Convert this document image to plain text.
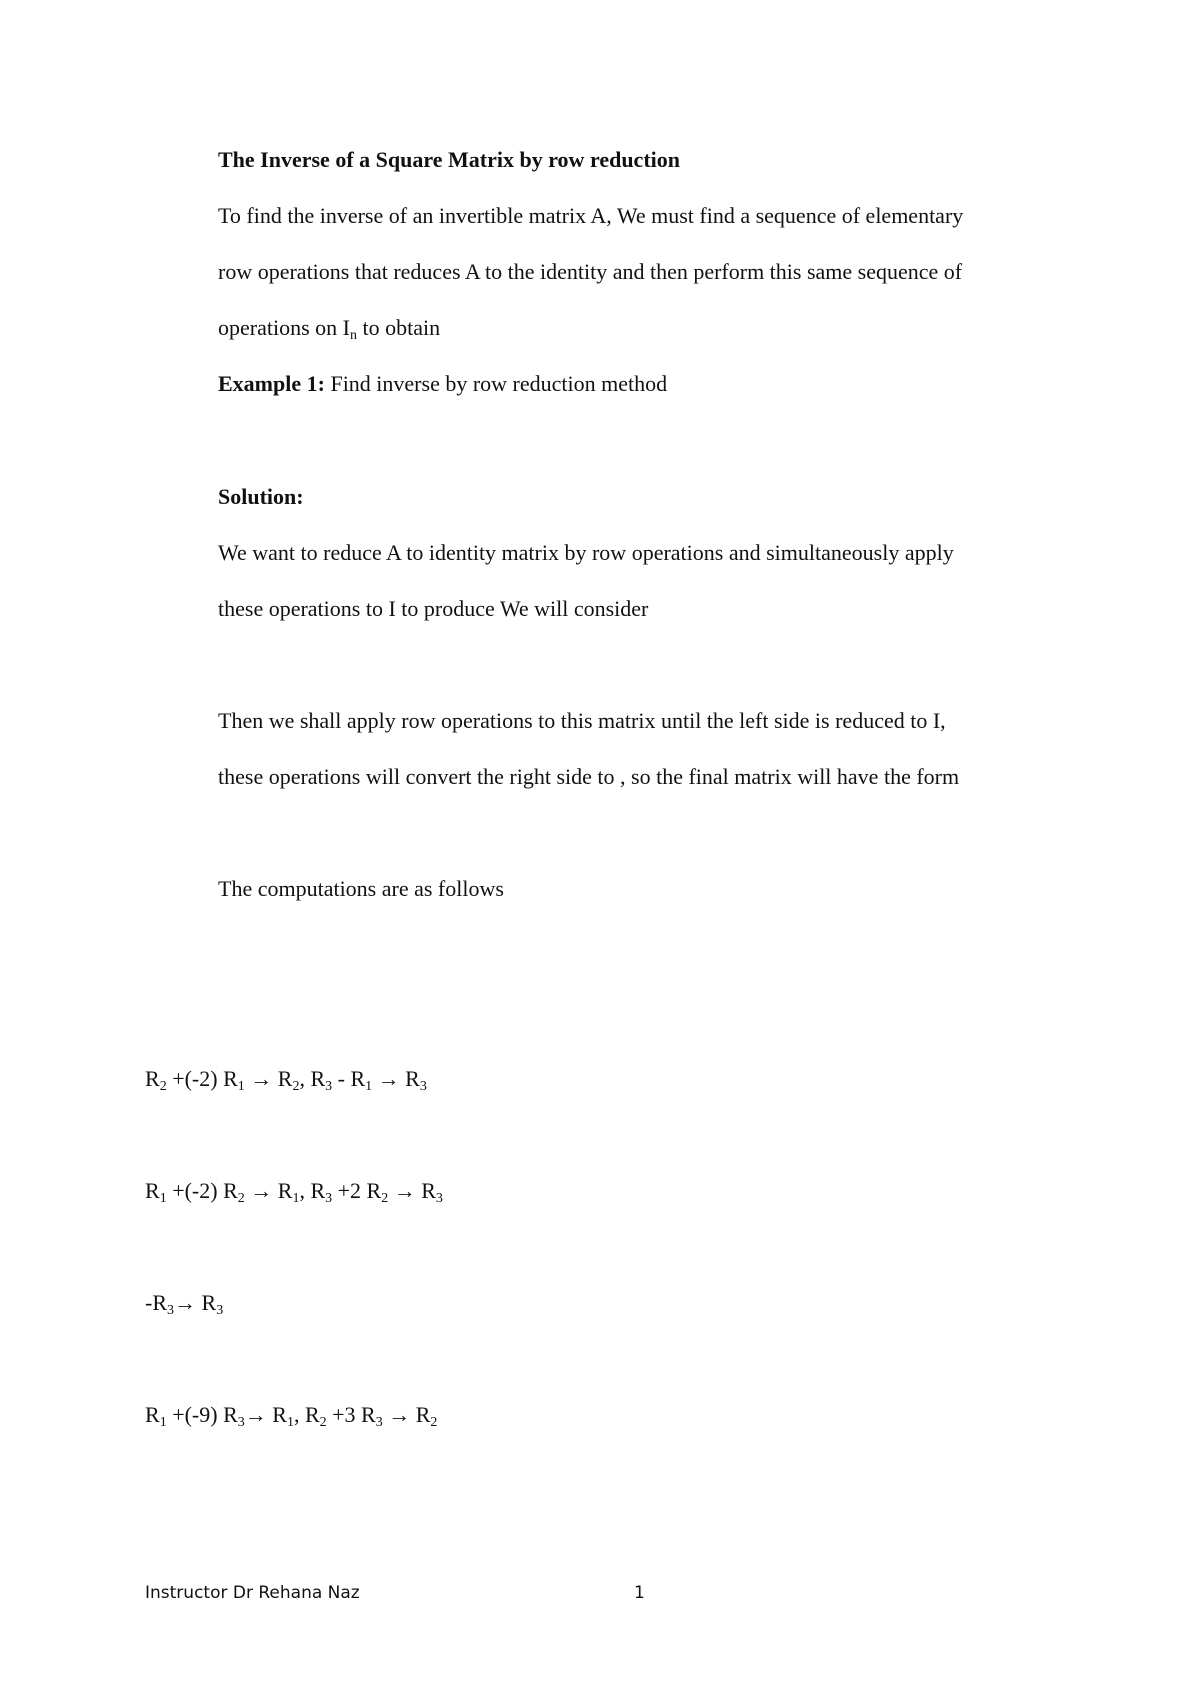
The Inverse of a Square Matrix by row reduction
To find the inverse of an invertible matrix A, We must find a sequence of elementary
row operations that reduces A to the identity and then perform this same sequence of
operations on $I_n$ to obtain
Example 1: Find inverse by row reduction method
Solution:
We want to reduce A to identity matrix by row operations and simultaneously apply
these operations to I to produce We will consider
Then we shall apply row operations to this matrix until the left side is reduced to I,
these operations will convert the right side to , so the final matrix will have the form
The computations are as follows
$R_2 +(-2) R_1 \to R_2$, $R_3 - R_1 \to R_3$
$R_1 +(-2) R_2 \to R_1$, $R_3 +2$ $R_2 \to R_3$
$-R_3\to R_3$
$R_1 +(-9)$ $R_3\to R_1$, $R_2 +3$ $R_3 \to R_2$
Instructor Dr Rehana Naz	1
